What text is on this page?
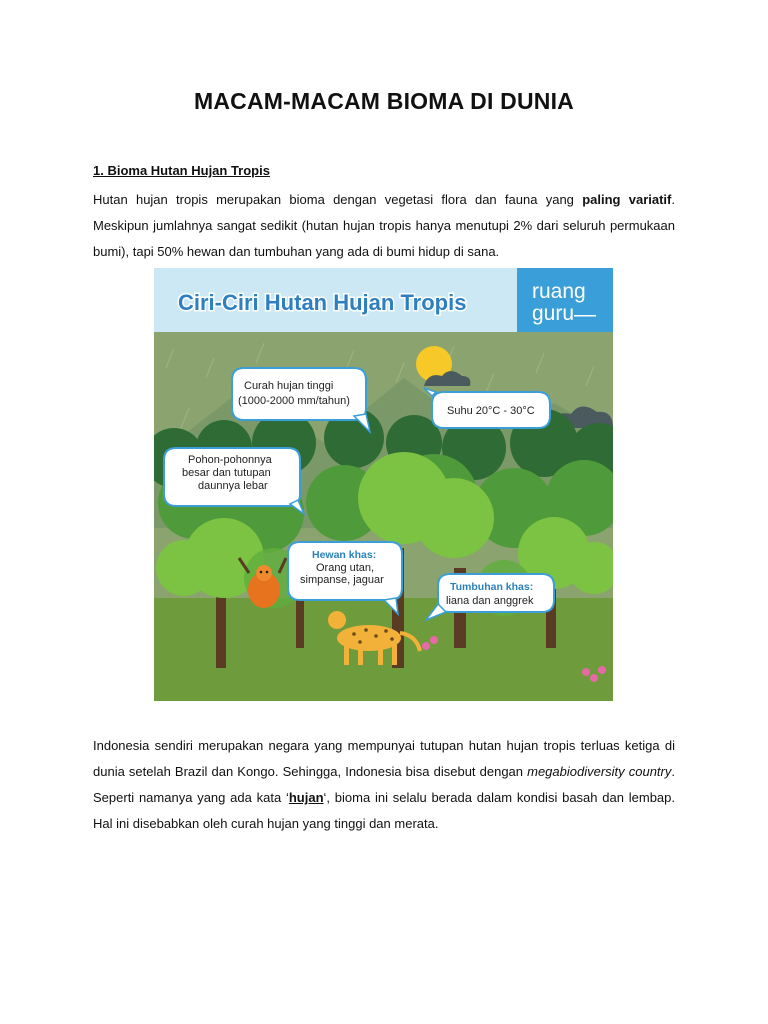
MACAM-MACAM BIOMA DI DUNIA

1. Bioma Hutan Hujan Tropis

Hutan hujan tropis merupakan bioma dengan vegetasi flora dan fauna yang paling variatif. Meskipun jumlahnya sangat sedikit (hutan hujan tropis hanya menutupi 2% dari seluruh permukaan bumi), tapi 50% hewan dan tumbuhan yang ada di bumi hidup di sana.

Ciri-Ciri Hutan Hujan Tropis	ruang
guru
Curah hujan tinggi
(1000-2000 mm/tahun)
Suhu 20°C - 30°C
Pohon-pohonnya
besar dan tutupan
daunnya lebar
Hewan khas:
Orang utan,
simpanse, jaguar
Tumbuhan khas:
liana dan anggrek

Indonesia sendiri merupakan negara yang mempunyai tutupan hutan hujan tropis terluas ketiga di dunia setelah Brazil dan Kongo. Sehingga, Indonesia bisa disebut dengan megabiodiversity country. Seperti namanya yang ada kata ‘hujan‘, bioma ini selalu berada dalam kondisi basah dan lembap. Hal ini disebabkan oleh curah hujan yang tinggi dan merata.
